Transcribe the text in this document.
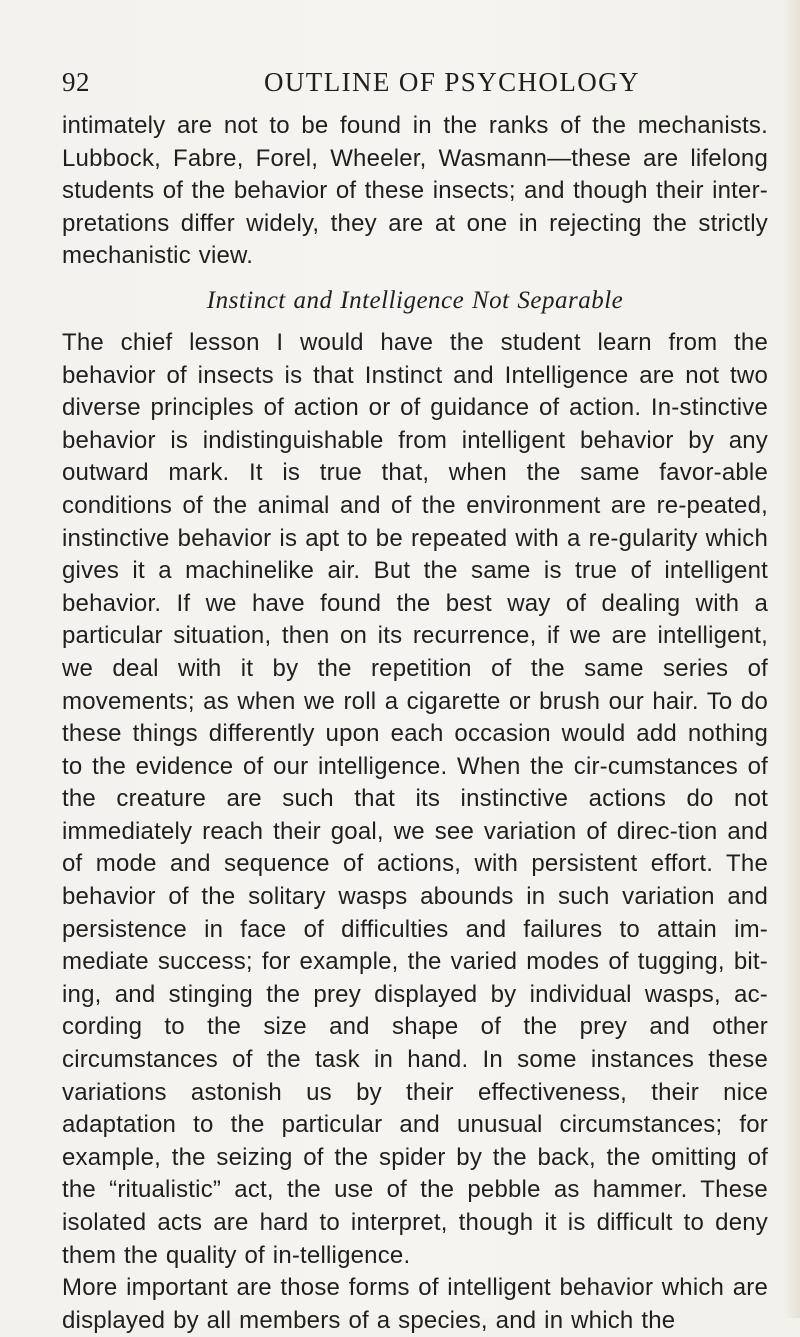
92	OUTLINE OF PSYCHOLOGY

intimately are not to be found in the ranks of the mechanists. Lubbock, Fabre, Forel, Wheeler, Wasmann—these are lifelong students of the behavior of these insects; and though their inter-pretations differ widely, they are at one in rejecting the strictly mechanistic view.

Instinct and Intelligence Not Separable

The chief lesson I would have the student learn from the behavior of insects is that Instinct and Intelligence are not two diverse principles of action or of guidance of action. In-stinctive behavior is indistinguishable from intelligent behavior by any outward mark. It is true that, when the same favor-able conditions of the animal and of the environment are re-peated, instinctive behavior is apt to be repeated with a re-gularity which gives it a machinelike air. But the same is true of intelligent behavior. If we have found the best way of dealing with a particular situation, then on its recurrence, if we are intelligent, we deal with it by the repetition of the same series of movements; as when we roll a cigarette or brush our hair. To do these things differently upon each occasion would add nothing to the evidence of our intelligence. When the cir-cumstances of the creature are such that its instinctive actions do not immediately reach their goal, we see variation of direc-tion and of mode and sequence of actions, with persistent effort. The behavior of the solitary wasps abounds in such variation and persistence in face of difficulties and failures to attain im-mediate success; for example, the varied modes of tugging, bit-ing, and stinging the prey displayed by individual wasps, ac-cording to the size and shape of the prey and other circumstances of the task in hand. In some instances these variations astonish us by their effectiveness, their nice adaptation to the particular and unusual circumstances; for example, the seizing of the spider by the back, the omitting of the “ritualistic” act, the use of the pebble as hammer. These isolated acts are hard to interpret, though it is difficult to deny them the quality of in-telligence.

More important are those forms of intelligent behavior which are displayed by all members of a species, and in which the
